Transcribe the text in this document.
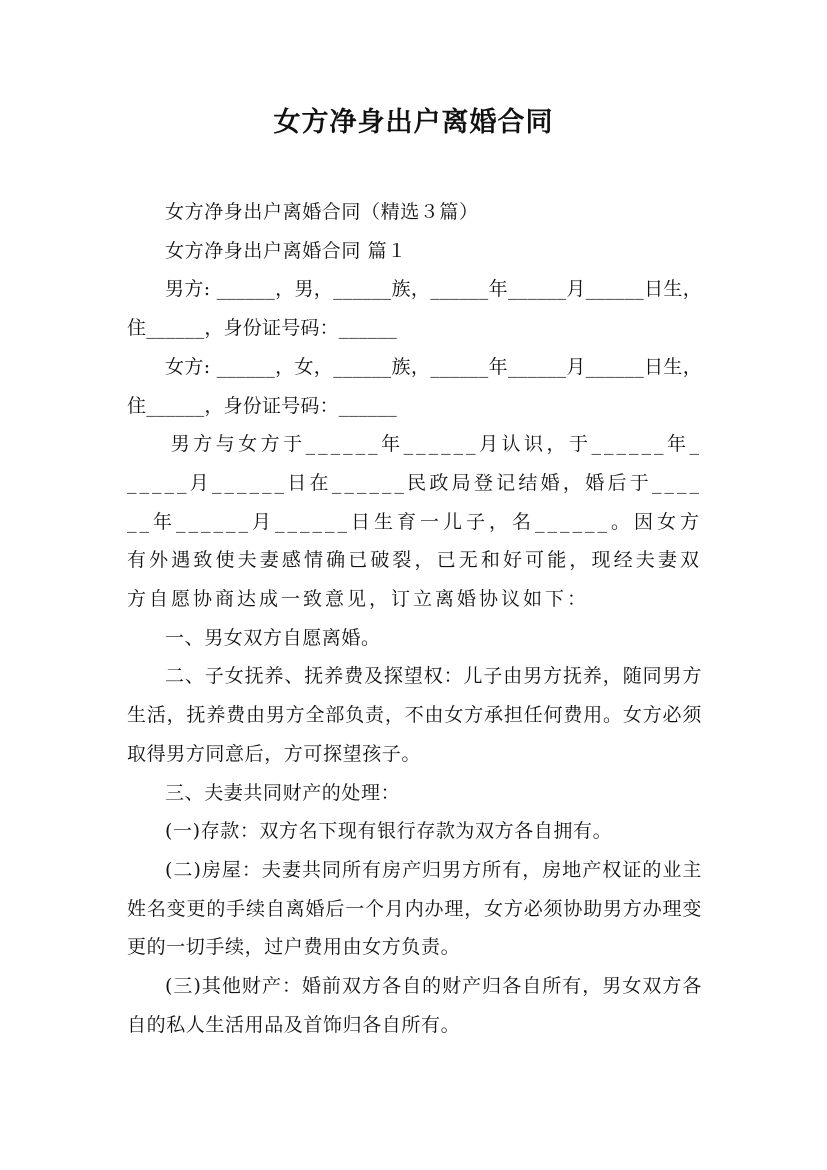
女方净身出户离婚合同

女方净身出户离婚合同（精选３篇）

女方净身出户离婚合同 篇１

男方: ______，男，______族，______年______月______日生，住______，身份证号码：______

女方: ______，女，______族，______年______月______日生，住______，身份证号码：______

男方与女方于______年______月认识，于______年______月______日在______民政局登记结婚，婚后于______年______月______日生育一儿子，名______。因女方有外遇致使夫妻感情确已破裂，已无和好可能，现经夫妻双方自愿协商达成一致意见，订立离婚协议如下：

一、男女双方自愿离婚。

二、子女抚养、抚养费及探望权：儿子由男方抚养，随同男方生活，抚养费由男方全部负责，不由女方承担任何费用。女方必须取得男方同意后，方可探望孩子。

三、夫妻共同财产的处理：

(一)存款：双方名下现有银行存款为双方各自拥有。

(二)房屋：夫妻共同所有房产归男方所有，房地产权证的业主姓名变更的手续自离婚后一个月内办理，女方必须协助男方办理变更的一切手续，过户费用由女方负责。

(三)其他财产：婚前双方各自的财产归各自所有，男女双方各自的私人生活用品及首饰归各自所有。
